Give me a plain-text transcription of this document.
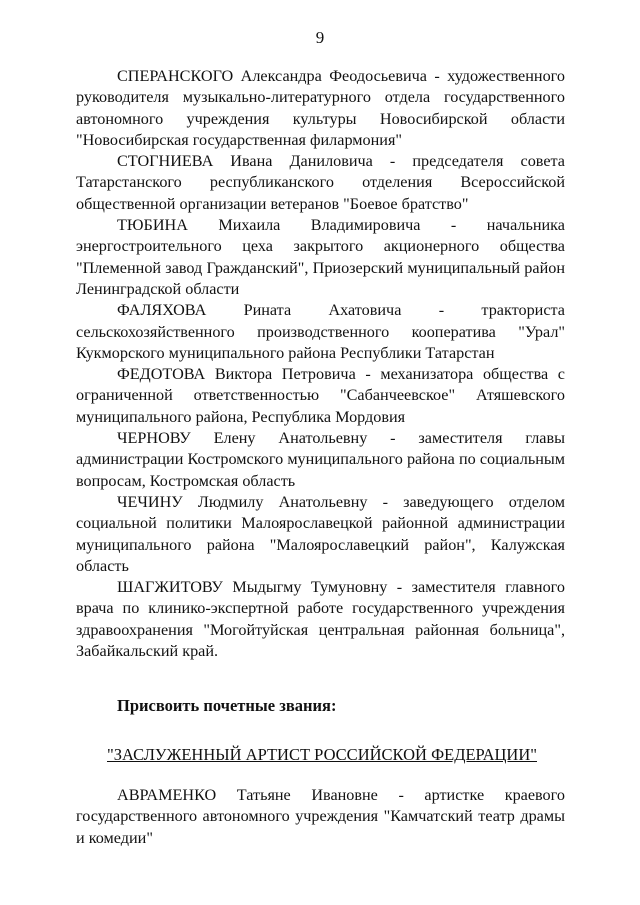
9

СПЕРАНСКОГО Александра Феодосьевича - художественного руководителя музыкально-литературного отдела государственного автономного учреждения культуры Новосибирской области "Новосибирская государственная филармония"

СТОГНИЕВА Ивана Даниловича - председателя совета Татарстанского республиканского отделения Всероссийской общественной организации ветеранов "Боевое братство"

ТЮБИНА Михаила Владимировича - начальника энергостроительного цеха закрытого акционерного общества "Племенной завод Гражданский", Приозерский муниципальный район Ленинградской области

ФАЛЯХОВА Рината Ахатовича - тракториста сельскохозяйственного производственного кооператива "Урал" Кукморского муниципального района Республики Татарстан

ФЕДОТОВА Виктора Петровича - механизатора общества с ограниченной ответственностью "Сабанчеевское" Атяшевского муниципального района, Республика Мордовия

ЧЕРНОВУ Елену Анатольевну - заместителя главы администрации Костромского муниципального района по социальным вопросам, Костромская область

ЧЕЧИНУ Людмилу Анатольевну - заведующего отделом социальной политики Малоярославецкой районной администрации муниципального района "Малоярославецкий район", Калужская область

ШАГЖИТОВУ Мыдыгму Тумуновну - заместителя главного врача по клинико-экспертной работе государственного учреждения здравоохранения "Могойтуйская центральная районная больница", Забайкальский край.

Присвоить почетные звания:

"ЗАСЛУЖЕННЫЙ АРТИСТ РОССИЙСКОЙ ФЕДЕРАЦИИ"

АВРАМЕНКО Татьяне Ивановне - артистке краевого государственного автономного учреждения "Камчатский театр драмы и комедии"
